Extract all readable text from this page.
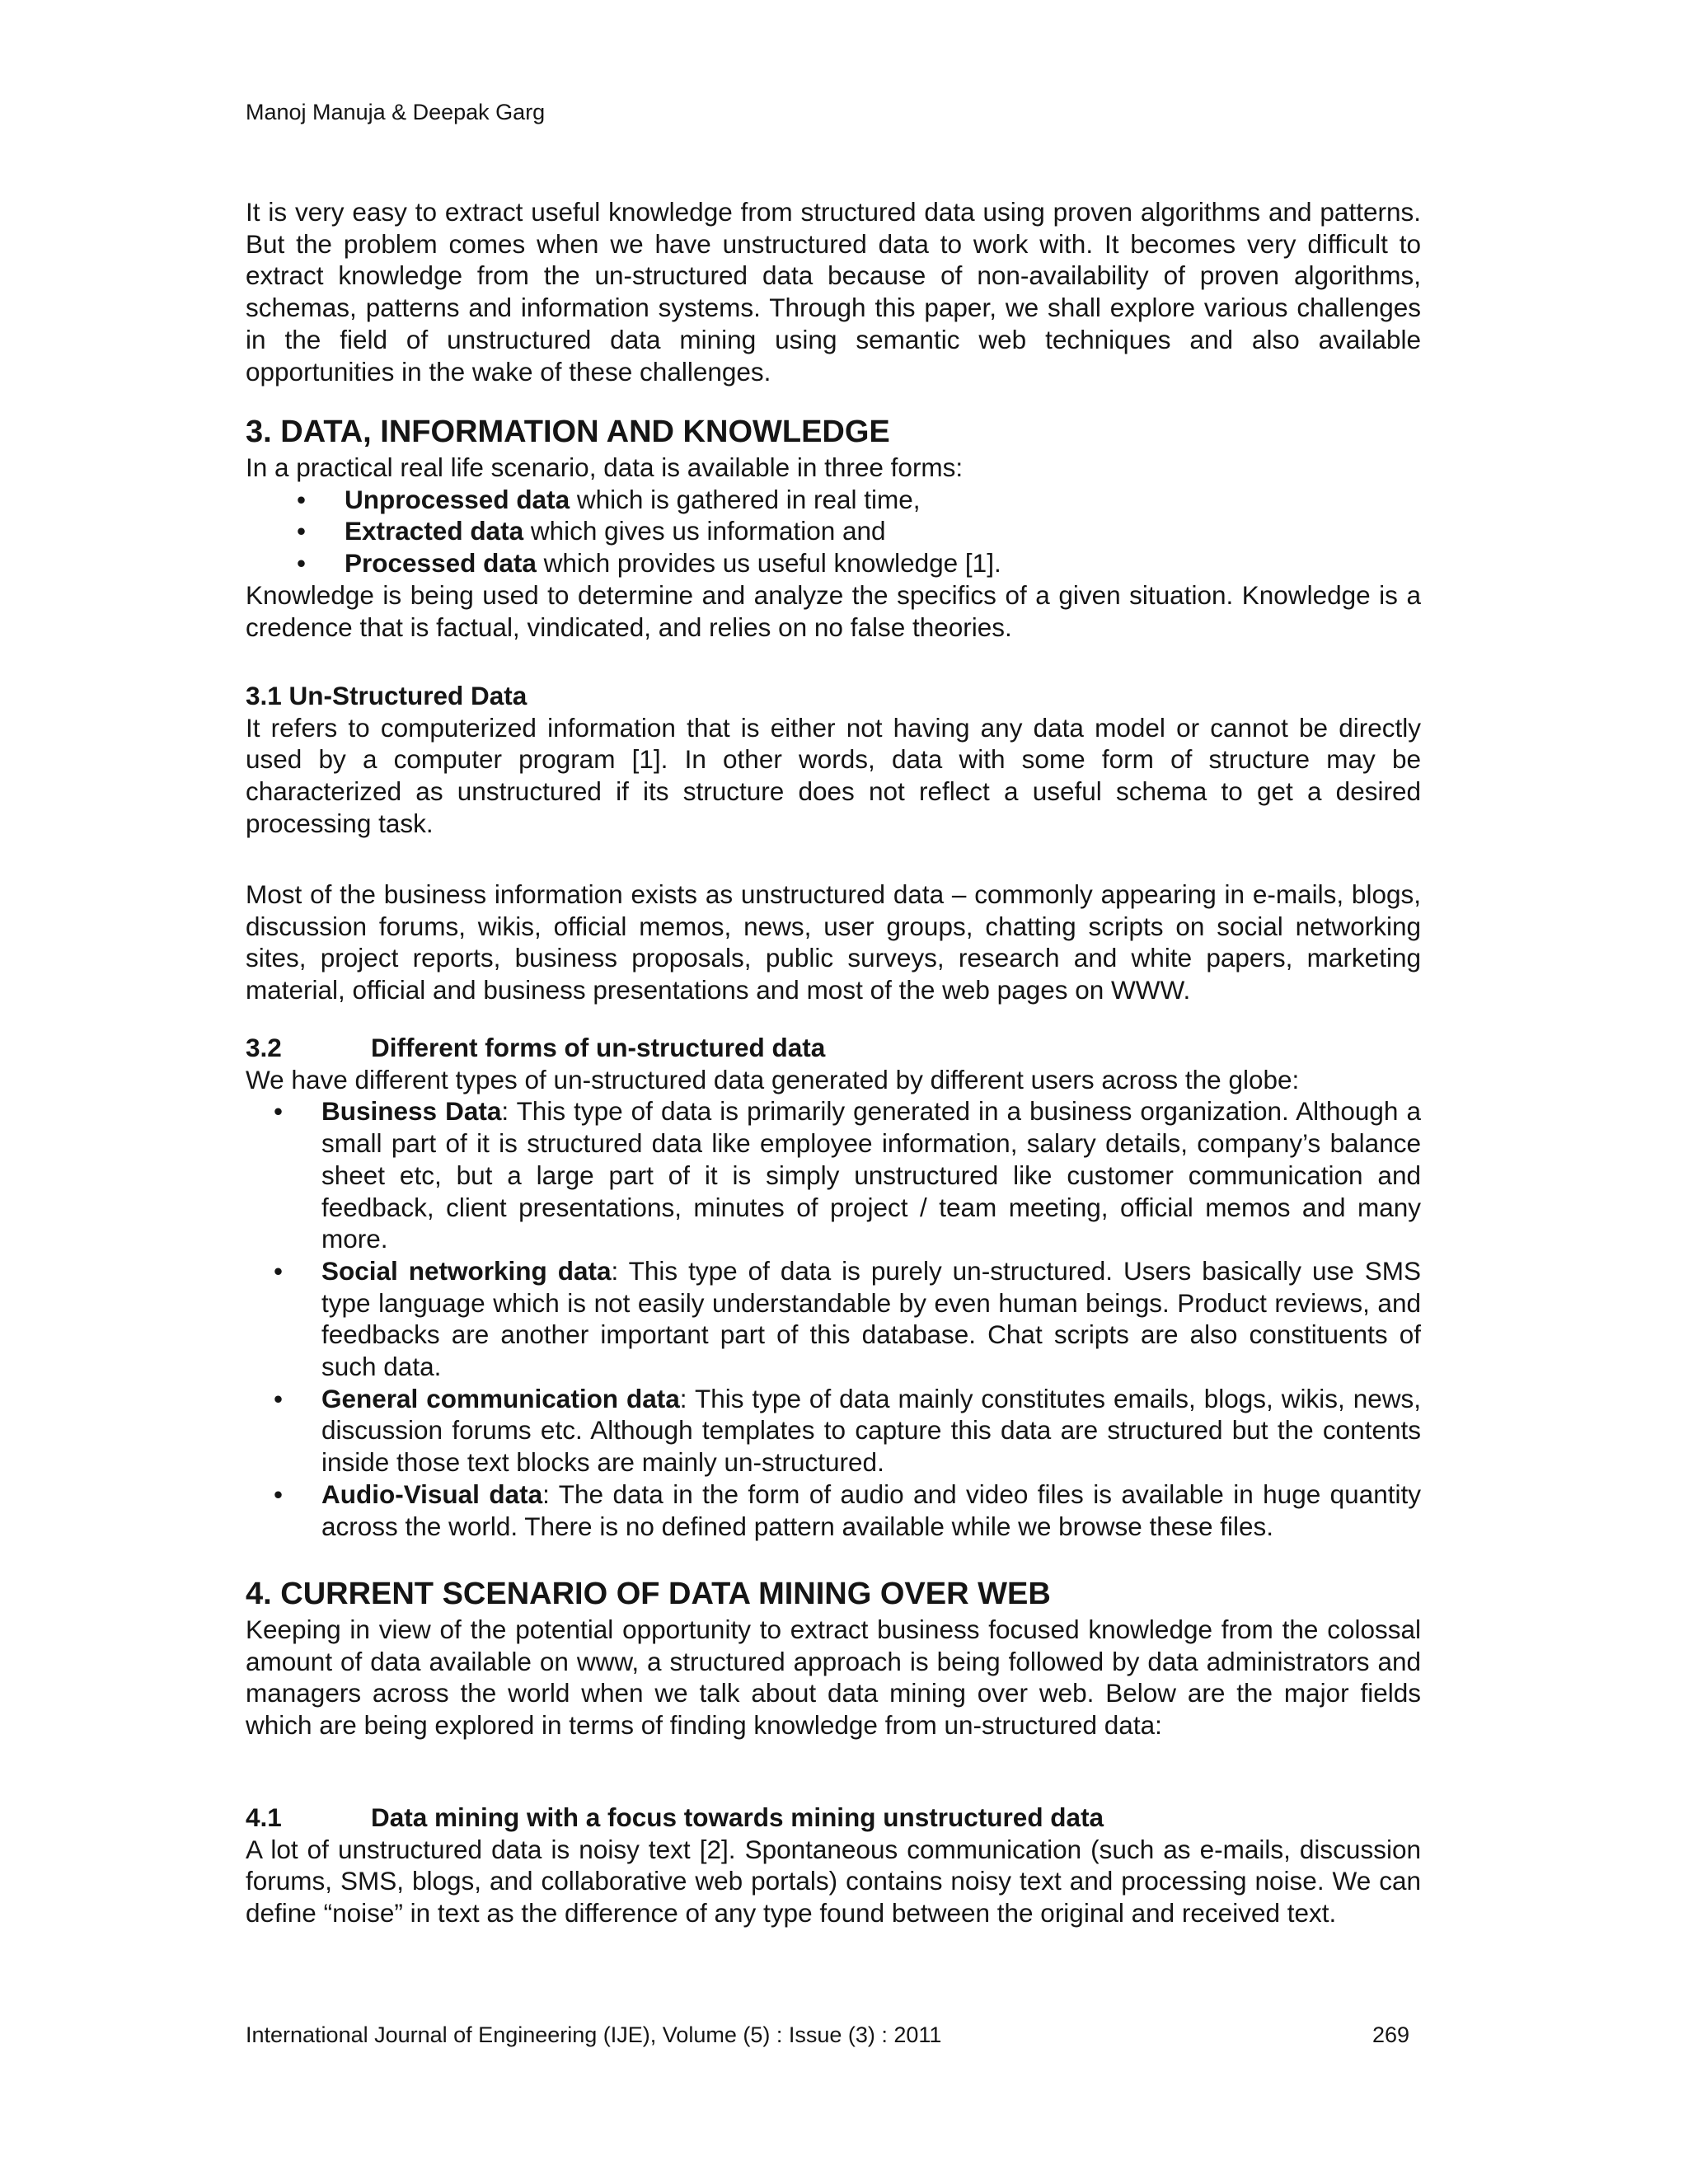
Manoj Manuja & Deepak Garg

It is very easy to extract useful knowledge from structured data using proven algorithms and patterns. But the problem comes when we have unstructured data to work with. It becomes very difficult to extract knowledge from the un-structured data because of non-availability of proven algorithms, schemas, patterns and information systems. Through this paper, we shall explore various challenges in the field of unstructured data mining using semantic web techniques and also available opportunities in the wake of these challenges.

3. DATA, INFORMATION AND KNOWLEDGE

In a practical real life scenario, data is available in three forms:

• Unprocessed data which is gathered in real time,
• Extracted data which gives us information and
• Processed data which provides us useful knowledge [1].

Knowledge is being used to determine and analyze the specifics of a given situation. Knowledge is a credence that is factual, vindicated, and relies on no false theories.

3.1 Un-Structured Data

It refers to computerized information that is either not having any data model or cannot be directly used by a computer program [1]. In other words, data with some form of structure may be characterized as unstructured if its structure does not reflect a useful schema to get a desired processing task.

Most of the business information exists as unstructured data – commonly appearing in e-mails, blogs, discussion forums, wikis, official memos, news, user groups, chatting scripts on social networking sites, project reports, business proposals, public surveys, research and white papers, marketing material, official and business presentations and most of the web pages on WWW.

3.2	Different forms of un-structured data

We have different types of un-structured data generated by different users across the globe:

• Business Data: This type of data is primarily generated in a business organization. Although a small part of it is structured data like employee information, salary details, company’s balance sheet etc, but a large part of it is simply unstructured like customer communication and feedback, client presentations, minutes of project / team meeting, official memos and many more.
• Social networking data: This type of data is purely un-structured. Users basically use SMS type language which is not easily understandable by even human beings. Product reviews, and feedbacks are another important part of this database. Chat scripts are also constituents of such data.
• General communication data: This type of data mainly constitutes emails, blogs, wikis, news, discussion forums etc. Although templates to capture this data are structured but the contents inside those text blocks are mainly un-structured.
• Audio-Visual data: The data in the form of audio and video files is available in huge quantity across the world. There is no defined pattern available while we browse these files.
4. CURRENT SCENARIO OF DATA MINING OVER WEB

Keeping in view of the potential opportunity to extract business focused knowledge from the colossal amount of data available on www, a structured approach is being followed by data administrators and managers across the world when we talk about data mining over web. Below are the major fields which are being explored in terms of finding knowledge from un-structured data:

4.1	Data mining with a focus towards mining unstructured data

A lot of unstructured data is noisy text [2]. Spontaneous communication (such as e-mails, discussion forums, SMS, blogs, and collaborative web portals) contains noisy text and processing noise. We can define “noise” in text as the difference of any type found between the original and received text.

International Journal of Engineering (IJE), Volume (5) : Issue (3) : 2011	269
